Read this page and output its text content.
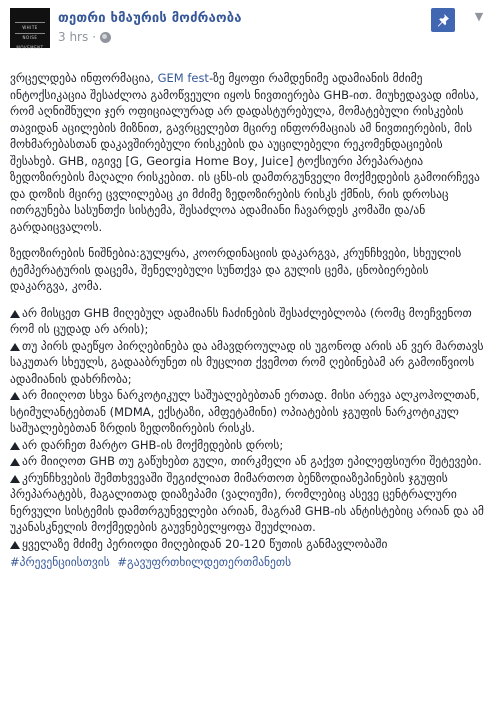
WHITE NOISE MOVEMENT
თეთრი ხმაურის მოძრაობა
3 hrs ·
▼

ვრცელდება ინფორმაცია, GEM fest-ზე მყოფი რამდენიმე ადამიანის მძიმე ინტოქსიკაცია შესაძლოა გამოწვეული იყოს ნივთიერება GHB-ით. მიუხედავად იმისა, რომ აღნიშნული ჯერ ოფიციალურად არ დადასტურებულა, მომატებული რისკების თავიდან აცილების მიზნით, გავრცელებთ მცირე ინფორმაციას ამ ნივთიერების, მის მოხმარებასთან დაკავშირებული რისკების და აუცილებელი რეკომენდაციების შესახებ. GHB, იგივე [G, Georgia Home Boy, Juice] ტოქსიური პრეპარატია ზედოზირების მაღალი რისკებით. ის ცნს-ის დამთრგუნველი მოქმედების გამოირჩევა და დოზის მცირე ცვლილებაც კი მძიმე ზედოზირების რისკს ქმნის, რის დროსაც ითრგუნება სასუნთქი სისტემა, შესაძლოა ადამიანი ჩავარდეს კომაში და/ან გარდაიცვალოს.

ზედოზირების ნიშნებია:გულყრა, კოორდინაციის დაკარგვა, კრუნჩხვები, სხეულის ტემპერატურის დაცემა, შენელებული სუნთქვა და გულის ცემა, ცნობიერების დაკარგვა, კომა.

არ მისცეთ GHB მიღებულ ადამიანს ჩაძინების შესაძლებლობა (რომც მოეჩვენოთ რომ ის ცუდად არ არის);
თუ პირს დაეწყო პირღებინება და ამავდროულად ის უგონოდ არის ან ვერ მართავს საკუთარ სხეულს, გადააბრუნეთ ის მუცლით ქვემოთ რომ ღებინებამ არ გამოიწვიოს ადამიანის დახრჩობა;
არ მიიღოთ სხვა ნარკოტიკულ საშუალებებთან ერთად. მისი არევა ალკოჰოლთან, სტიმულანტებთან (MDMA, ექსტაზი, ამფეტამინი) ოპიატების ჯგუფის ნარკოტიკულ საშუალებებთან ზრდის ზედოზირების რისკს.
არ დარჩეთ მარტო GHB-ის მოქმედების დროს;
არ მიიღოთ GHB თუ გაწუხებთ გული, თირკმელი ან გაქვთ ეპილეფსიური შეტევები.
კრუნჩხვების შემთხვევაში შეგიძლიათ მიმართოთ ბენზოდიაზეპინების ჯგუფის პრეპარატებს, მაგალითად დიაზეპამი (ვალიუმი), რომლებიც ასევე ცენტრალური ნერვული სისტემის დამთრგუნველები არიან, მაგრამ GHB-ის ანტისტებიც არიან და ამ უკანასკნელის მოქმედების გაუვნებელყოფა შეუძლიათ.
ყველაზე მძიმე პერიოდი მიღებიდან 20-120 წუთის განმავლობაში

#პრევენციისთვის #გავუფრთხილდეთერთმანეთს
